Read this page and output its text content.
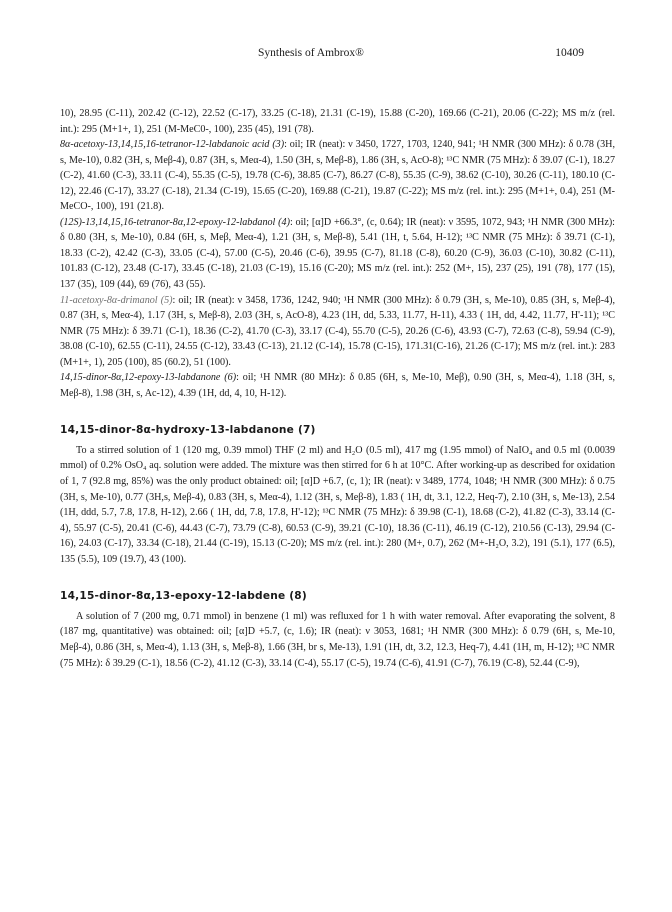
Synthesis of Ambrox®	10409

10), 28.95 (C-11), 202.42 (C-12), 22.52 (C-17), 33.25 (C-18), 21.31 (C-19), 15.88 (C-20), 169.66 (C-21), 20.06 (C-22); MS m/z (rel. int.): 295 (M+1+, 1), 251 (M-MeC0-, 100), 235 (45), 191 (78).

8α-acetoxy-13,14,15,16-tetranor-12-labdanoic acid (3): oil; IR (neat): ν 3450, 1727, 1703, 1240, 941; ¹H NMR (300 MHz): δ 0.78 (3H, s, Me-10), 0.82 (3H, s, Meβ-4), 0.87 (3H, s, Meα-4), 1.50 (3H, s, Meβ-8), 1.86 (3H, s, AcO-8); ¹³C NMR (75 MHz): δ 39.07 (C-1), 18.27 (C-2), 41.60 (C-3), 33.11 (C-4), 55.35 (C-5), 19.78 (C-6), 38.85 (C-7), 86.27 (C-8), 55.35 (C-9), 38.62 (C-10), 30.26 (C-11), 180.10 (C-12), 22.46 (C-17), 33.27 (C-18), 21.34 (C-19), 15.65 (C-20), 169.88 (C-21), 19.87 (C-22); MS m/z (rel. int.): 295 (M+1+, 0.4), 251 (M-MeCO-, 100), 191 (21.8).

(12S)-13,14,15,16-tetranor-8α,12-epoxy-12-labdanol (4): oil; [α]D +66.3°, (c, 0.64); IR (neat): ν 3595, 1072, 943; ¹H NMR (300 MHz): δ 0.80 (3H, s, Me-10), 0.84 (6H, s, Meβ, Meα-4), 1.21 (3H, s, Meβ-8), 5.41 (1H, t, 5.64, H-12); ¹³C NMR (75 MHz): δ 39.71 (C-1), 18.33 (C-2), 42.42 (C-3), 33.05 (C-4), 57.00 (C-5), 20.46 (C-6), 39.95 (C-7), 81.18 (C-8), 60.20 (C-9), 36.03 (C-10), 30.82 (C-11), 101.83 (C-12), 23.48 (C-17), 33.45 (C-18), 21.03 (C-19), 15.16 (C-20); MS m/z (rel. int.): 252 (M+, 15), 237 (25), 191 (78), 177 (15), 137 (35), 109 (44), 69 (76), 43 (55).

11-acetoxy-8α-drimanol (5): oil; IR (neat): ν 3458, 1736, 1242, 940; ¹H NMR (300 MHz): δ 0.79 (3H, s, Me-10), 0.85 (3H, s, Meβ-4), 0.87 (3H, s, Meα-4), 1.17 (3H, s, Meβ-8), 2.03 (3H, s, AcO-8), 4.23 (1H, dd, 5.33, 11.77, H-11), 4.33 ( 1H, dd, 4.42, 11.77, H'-11); ¹³C NMR (75 MHz): δ 39.71 (C-1), 18.36 (C-2), 41.70 (C-3), 33.17 (C-4), 55.70 (C-5), 20.26 (C-6), 43.93 (C-7), 72.63 (C-8), 59.94 (C-9), 38.08 (C-10), 62.55 (C-11), 24.55 (C-12), 33.43 (C-13), 21.12 (C-14), 15.78 (C-15), 171.31(C-16), 21.26 (C-17); MS m/z (rel. int.): 283 (M+1+, 1), 205 (100), 85 (60.2), 51 (100).

14,15-dinor-8α,12-epoxy-13-labdanone (6): oil; ¹H NMR (80 MHz): δ 0.85 (6H, s, Me-10, Meβ), 0.90 (3H, s, Meα-4), 1.18 (3H, s, Meβ-8), 1.98 (3H, s, Ac-12), 4.39 (1H, dd, 4, 10, H-12).

14,15-dinor-8α-hydroxy-13-labdanone (7)

To a stirred solution of 1 (120 mg, 0.39 mmol) THF (2 ml) and H₂O (0.5 ml), 417 mg (1.95 mmol) of NaIO₄ and 0.5 ml (0.0039 mmol) of 0.2% OsO₄ aq. solution were added. The mixture was then stirred for 6 h at 10°C. After working-up as described for oxidation of 1, 7 (92.8 mg, 85%) was the only product obtained: oil; [α]D +6.7, (c, 1); IR (neat): ν 3489, 1774, 1048; ¹H NMR (300 MHz): δ 0.75 (3H, s, Me-10), 0.77 (3H,s, Meβ-4), 0.83 (3H, s, Meα-4), 1.12 (3H, s, Meβ-8), 1.83 ( 1H, dt, 3.1, 12.2, Heq-7), 2.10 (3H, s, Me-13), 2.54 (1H, ddd, 5.7, 7.8, 17.8, H-12), 2.66 ( 1H, dd, 7.8, 17.8, H'-12); ¹³C NMR (75 MHz): δ 39.98 (C-1), 18.68 (C-2), 41.82 (C-3), 33.14 (C-4), 55.97 (C-5), 20.41 (C-6), 44.43 (C-7), 73.79 (C-8), 60.53 (C-9), 39.21 (C-10), 18.36 (C-11), 46.19 (C-12), 210.56 (C-13), 29.94 (C-16), 24.03 (C-17), 33.34 (C-18), 21.44 (C-19), 15.13 (C-20); MS m/z (rel. int.): 280 (M+, 0.7), 262 (M+-H₂O, 3.2), 191 (5.1), 177 (6.5), 135 (5.5), 109 (19.7), 43 (100).

14,15-dinor-8α,13-epoxy-12-labdene (8)

A solution of 7 (200 mg, 0.71 mmol) in benzene (1 ml) was refluxed for 1 h with water removal. After evaporating the solvent, 8 (187 mg, quantitative) was obtained: oil; [α]D +5.7, (c, 1.6); IR (neat): ν 3053, 1681; ¹H NMR (300 MHz): δ 0.79 (6H, s, Me-10, Meβ-4), 0.86 (3H, s, Meα-4), 1.13 (3H, s, Meβ-8), 1.66 (3H, br s, Me-13), 1.91 (1H, dt, 3.2, 12.3, Heq-7), 4.41 (1H, m, H-12); ¹³C NMR (75 MHz): δ 39.29 (C-1), 18.56 (C-2), 41.12 (C-3), 33.14 (C-4), 55.17 (C-5), 19.74 (C-6), 41.91 (C-7), 76.19 (C-8), 52.44 (C-9),
